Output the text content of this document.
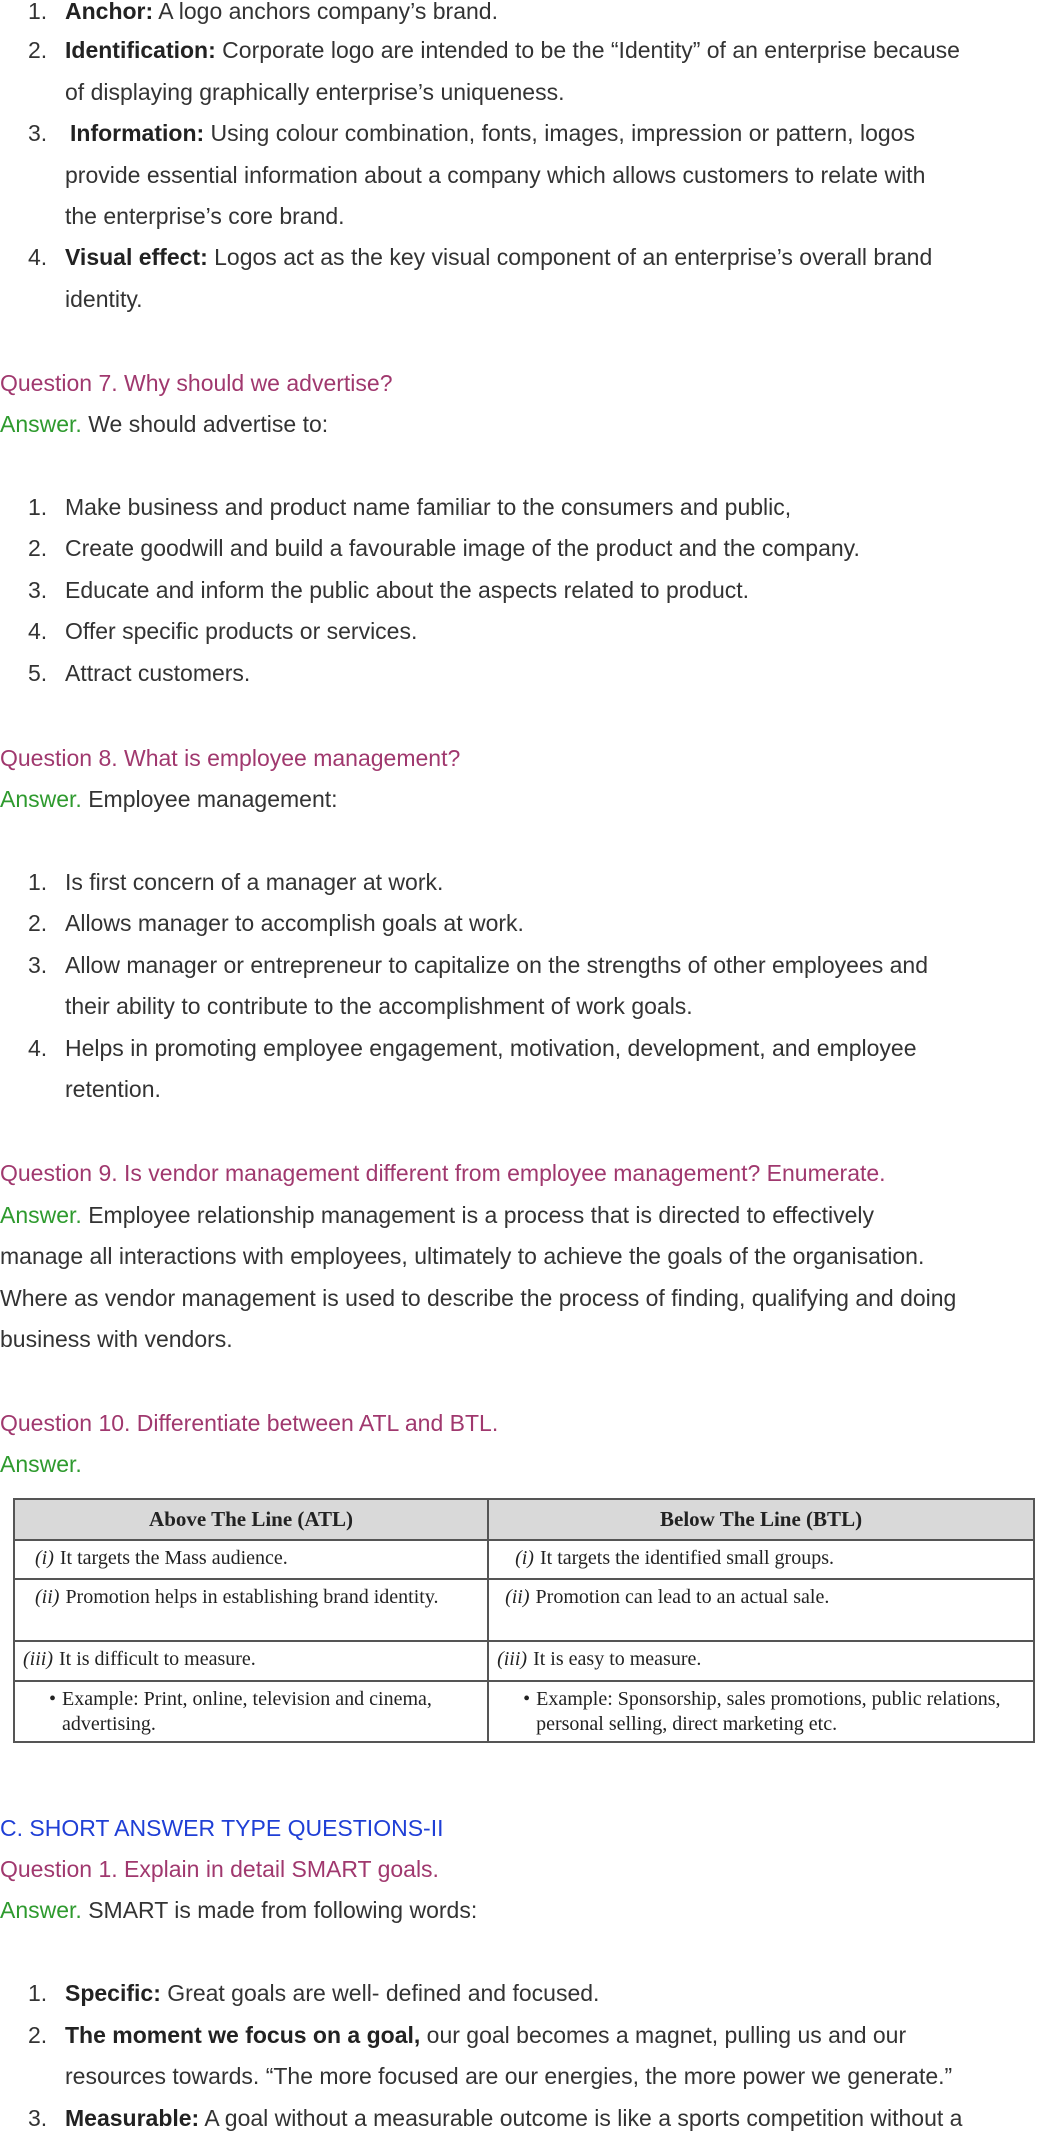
1. Anchor: A logo anchors company’s brand.
2. Identification: Corporate logo are intended to be the “Identity” of an enterprise because
of displaying graphically enterprise’s uniqueness.
3. Information: Using colour combination, fonts, images, impression or pattern, logos
provide essential information about a company which allows customers to relate with
the enterprise’s core brand.
4. Visual effect: Logos act as the key visual component of an enterprise’s overall brand
identity.
Question 7. Why should we advertise?
Answer. We should advertise to:
1. Make business and product name familiar to the consumers and public,
2. Create goodwill and build a favourable image of the product and the company.
3. Educate and inform the public about the aspects related to product.
4. Offer specific products or services.
5. Attract customers.
Question 8. What is employee management?
Answer. Employee management:
1. Is first concern of a manager at work.
2. Allows manager to accomplish goals at work.
3. Allow manager or entrepreneur to capitalize on the strengths of other employees and
their ability to contribute to the accomplishment of work goals.
4. Helps in promoting employee engagement, motivation, development, and employee
retention.
Question 9. Is vendor management different from employee management? Enumerate.
Answer. Employee relationship management is a process that is directed to effectively
manage all interactions with employees, ultimately to achieve the goals of the organisation.
Where as vendor management is used to describe the process of finding, qualifying and doing
business with vendors.
Question 10. Differentiate between ATL and BTL.
Answer.
Above The Line (ATL)	Below The Line (BTL)

(i) It targets the Mass audience.	(i) It targets the identified small groups.

(ii) Promotion helps in establishing brand identity.	(ii) Promotion can lead to an actual sale.

(iii) It is difficult to measure.	(iii) It is easy to measure.

• Example: Print, online, television and cinema, advertising.	• Example: Sponsorship, sales promotions, public relations, personal selling, direct marketing etc.
C. SHORT ANSWER TYPE QUESTIONS-II
Question 1. Explain in detail SMART goals.
Answer. SMART is made from following words:
1. Specific: Great goals are well- defined and focused.
2. The moment we focus on a goal, our goal becomes a magnet, pulling us and our
resources towards. “The more focused are our energies, the more power we generate.”
3. Measurable: A goal without a measurable outcome is like a sports competition without a
